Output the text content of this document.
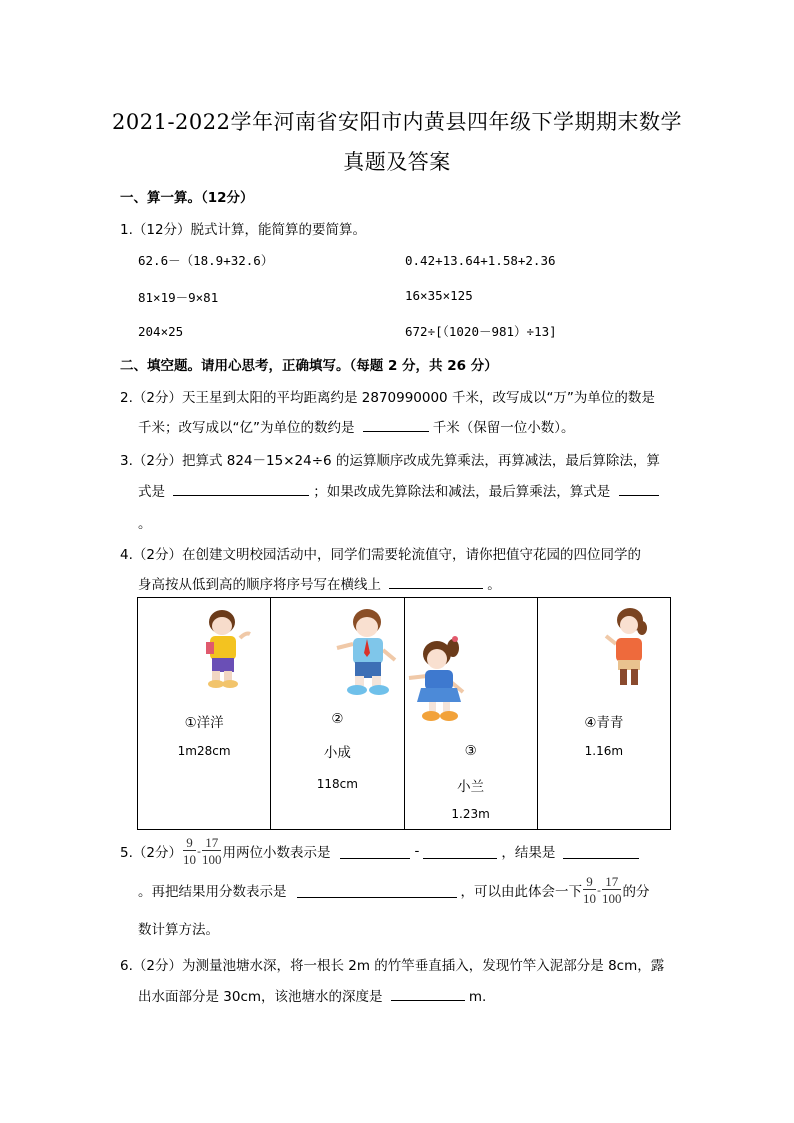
2021-2022学年河南省安阳市内黄县四年级下学期期末数学
真题及答案
一、算一算。（12分）
1.（12分）脱式计算，能简算的要简算。
62.6－（18.9+32.6）	0.42+13.64+1.58+2.36
81×19－9×81	16×35×125
204×25	672÷[（1020－981）÷13]
二、填空题。请用心思考，正确填写。（每题 2 分，共 26 分）
2.（2分）天王星到太阳的平均距离约是 2870990000 千米，改写成以“万”为单位的数是
千米；改写成以“亿”为单位的数约是	千米（保留一位小数）。
3.（2分）把算式 824－15×24÷6 的运算顺序改成先算乘法，再算减法，最后算除法，算
式是	；如果改成先算除法和减法，最后算乘法，算式是
。
4.（2分）在创建文明校园活动中，同学们需要轮流值守，请你把值守花园的四位同学的
身高按从低到高的顺序将序号写在横线上	。
①洋洋
1m28cm

②
小成
118cm

③
小兰
1.23m

④青青
1.16m
5.（2分） $\frac{9}{10} - \frac{17}{100}$ 用两位小数表示是	-	，结果是
。再把结果用分数表示是	，可以由此体会一下 $\frac{9}{10} - \frac{17}{100}$ 的分
数计算方法。
6.（2分）为测量池塘水深，将一根长 2m 的竹竿垂直插入，发现竹竿入泥部分是 8cm，露
出水面部分是 30cm，该池塘水的深度是	m.
